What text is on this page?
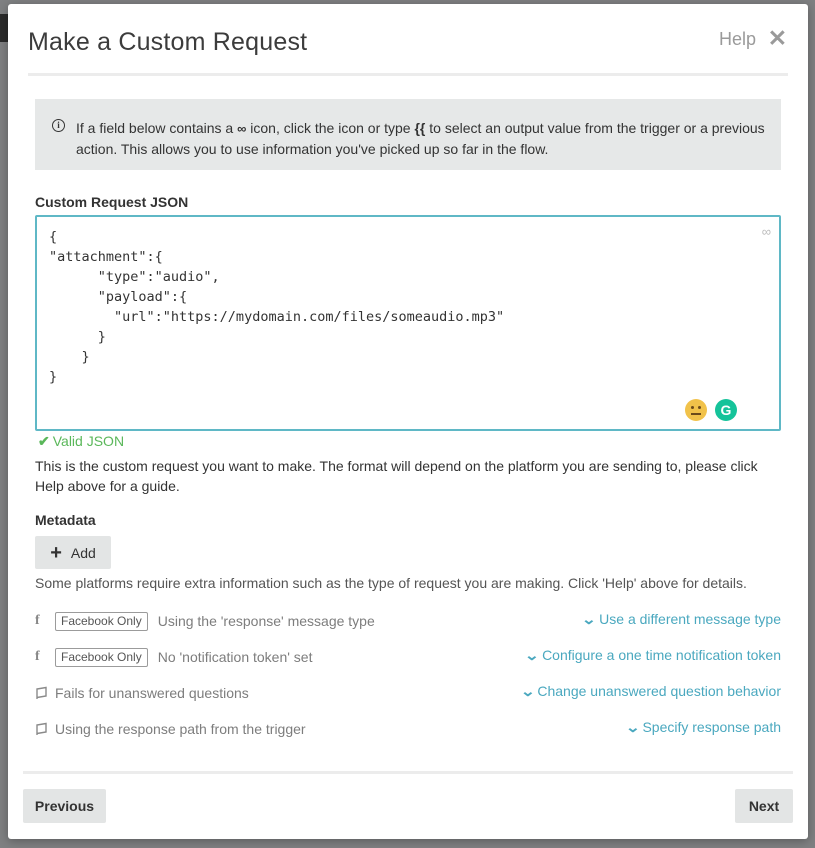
Make a Custom Request	Help ✕
i	If a field below contains a ∞ icon, click the icon or type {{ to select an output value from the trigger or a previous action. This allows you to use information you've picked up so far in the flow.
Custom Request JSON
{
"attachment":{
"type":"audio",
"payload":{
"url":"https://mydomain.com/files/someaudio.mp3"
}
}
}
∞
G
✔ Valid JSON
This is the custom request you want to make. The format will depend on the platform you are sending to, please click Help above for a guide.
Metadata
+ Add
Some platforms require extra information such as the type of request you are making. Click 'Help' above for details.
f	Facebook Only	Using the 'response' message type	⌄ Use a different message type
f	Facebook Only	No 'notification token' set	⌄ Configure a one time notification token
Fails for unanswered questions	⌄ Change unanswered question behavior
Using the response path from the trigger	⌄ Specify response path
Previous	Next
